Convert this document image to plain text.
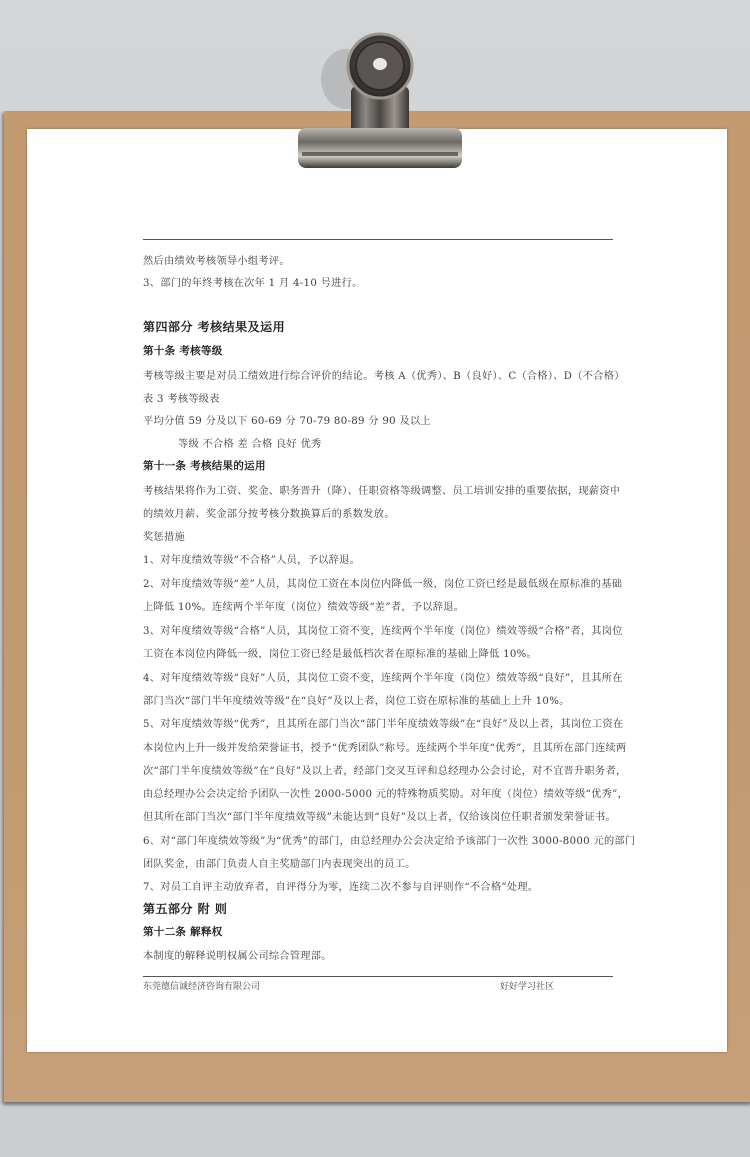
然后由绩效考核领导小组考评。
3、部门的年终考核在次年 1 月 4-10 号进行。
第四部分 考核结果及运用
第十条 考核等级
考核等级主要是对员工绩效进行综合评价的结论。考核 A（优秀）、B（良好）、C（合格）、D（不合格）
表 3 考核等级表
平均分值 59 分及以下 60-69 分 70-79 80-89 分 90 及以上
等级 不合格 差 合格 良好 优秀
第十一条 考核结果的运用
考核结果将作为工资、奖金、职务晋升（降）、任职资格等级调整、员工培训安排的重要依据，现薪资中
的绩效月薪、奖金部分按考核分数换算后的系数发放。
奖惩措施
1、对年度绩效等级“不合格”人员，予以辞退。
2、对年度绩效等级“差”人员，其岗位工资在本岗位内降低一级，岗位工资已经是最低级在原标准的基础
上降低 10%。连续两个半年度（岗位）绩效等级“差”者，予以辞退。
3、对年度绩效等级“合格”人员，其岗位工资不变，连续两个半年度（岗位）绩效等级“合格”者，其岗位
工资在本岗位内降低一级，岗位工资已经是最低档次者在原标准的基础上降低 10%。
4、对年度绩效等级“良好”人员，其岗位工资不变，连续两个半年度（岗位）绩效等级“良好”，且其所在
部门当次“部门半年度绩效等级”在“良好”及以上者，岗位工资在原标准的基础上上升 10%。
5、对年度绩效等级“优秀”，且其所在部门当次“部门半年度绩效等级”在“良好”及以上者，其岗位工资在
本岗位内上升一级并发给荣誉证书，授予“优秀团队”称号。连续两个半年度“优秀”，且其所在部门连续两
次“部门半年度绩效等级”在“良好”及以上者，经部门交叉互评和总经理办公会讨论，对不宜晋升职务者，
由总经理办公会决定给予团队一次性 2000-5000 元的特殊物质奖励。对年度（岗位）绩效等级“优秀”，
但其所在部门当次“部门半年度绩效等级”未能达到“良好”及以上者，仅给该岗位任职者颁发荣誉证书。
6、对“部门年度绩效等级”为“优秀”的部门，由总经理办公会决定给予该部门一次性 3000-8000 元的部门
团队奖金，由部门负责人自主奖励部门内表现突出的员工。
7、对员工自评主动放弃者，自评得分为零，连续二次不参与自评则作“不合格”处理。
第五部分 附 则
第十二条 解释权
本制度的解释说明权属公司综合管理部。
东莞德信诚经济咨询有限公司	好好学习社区
